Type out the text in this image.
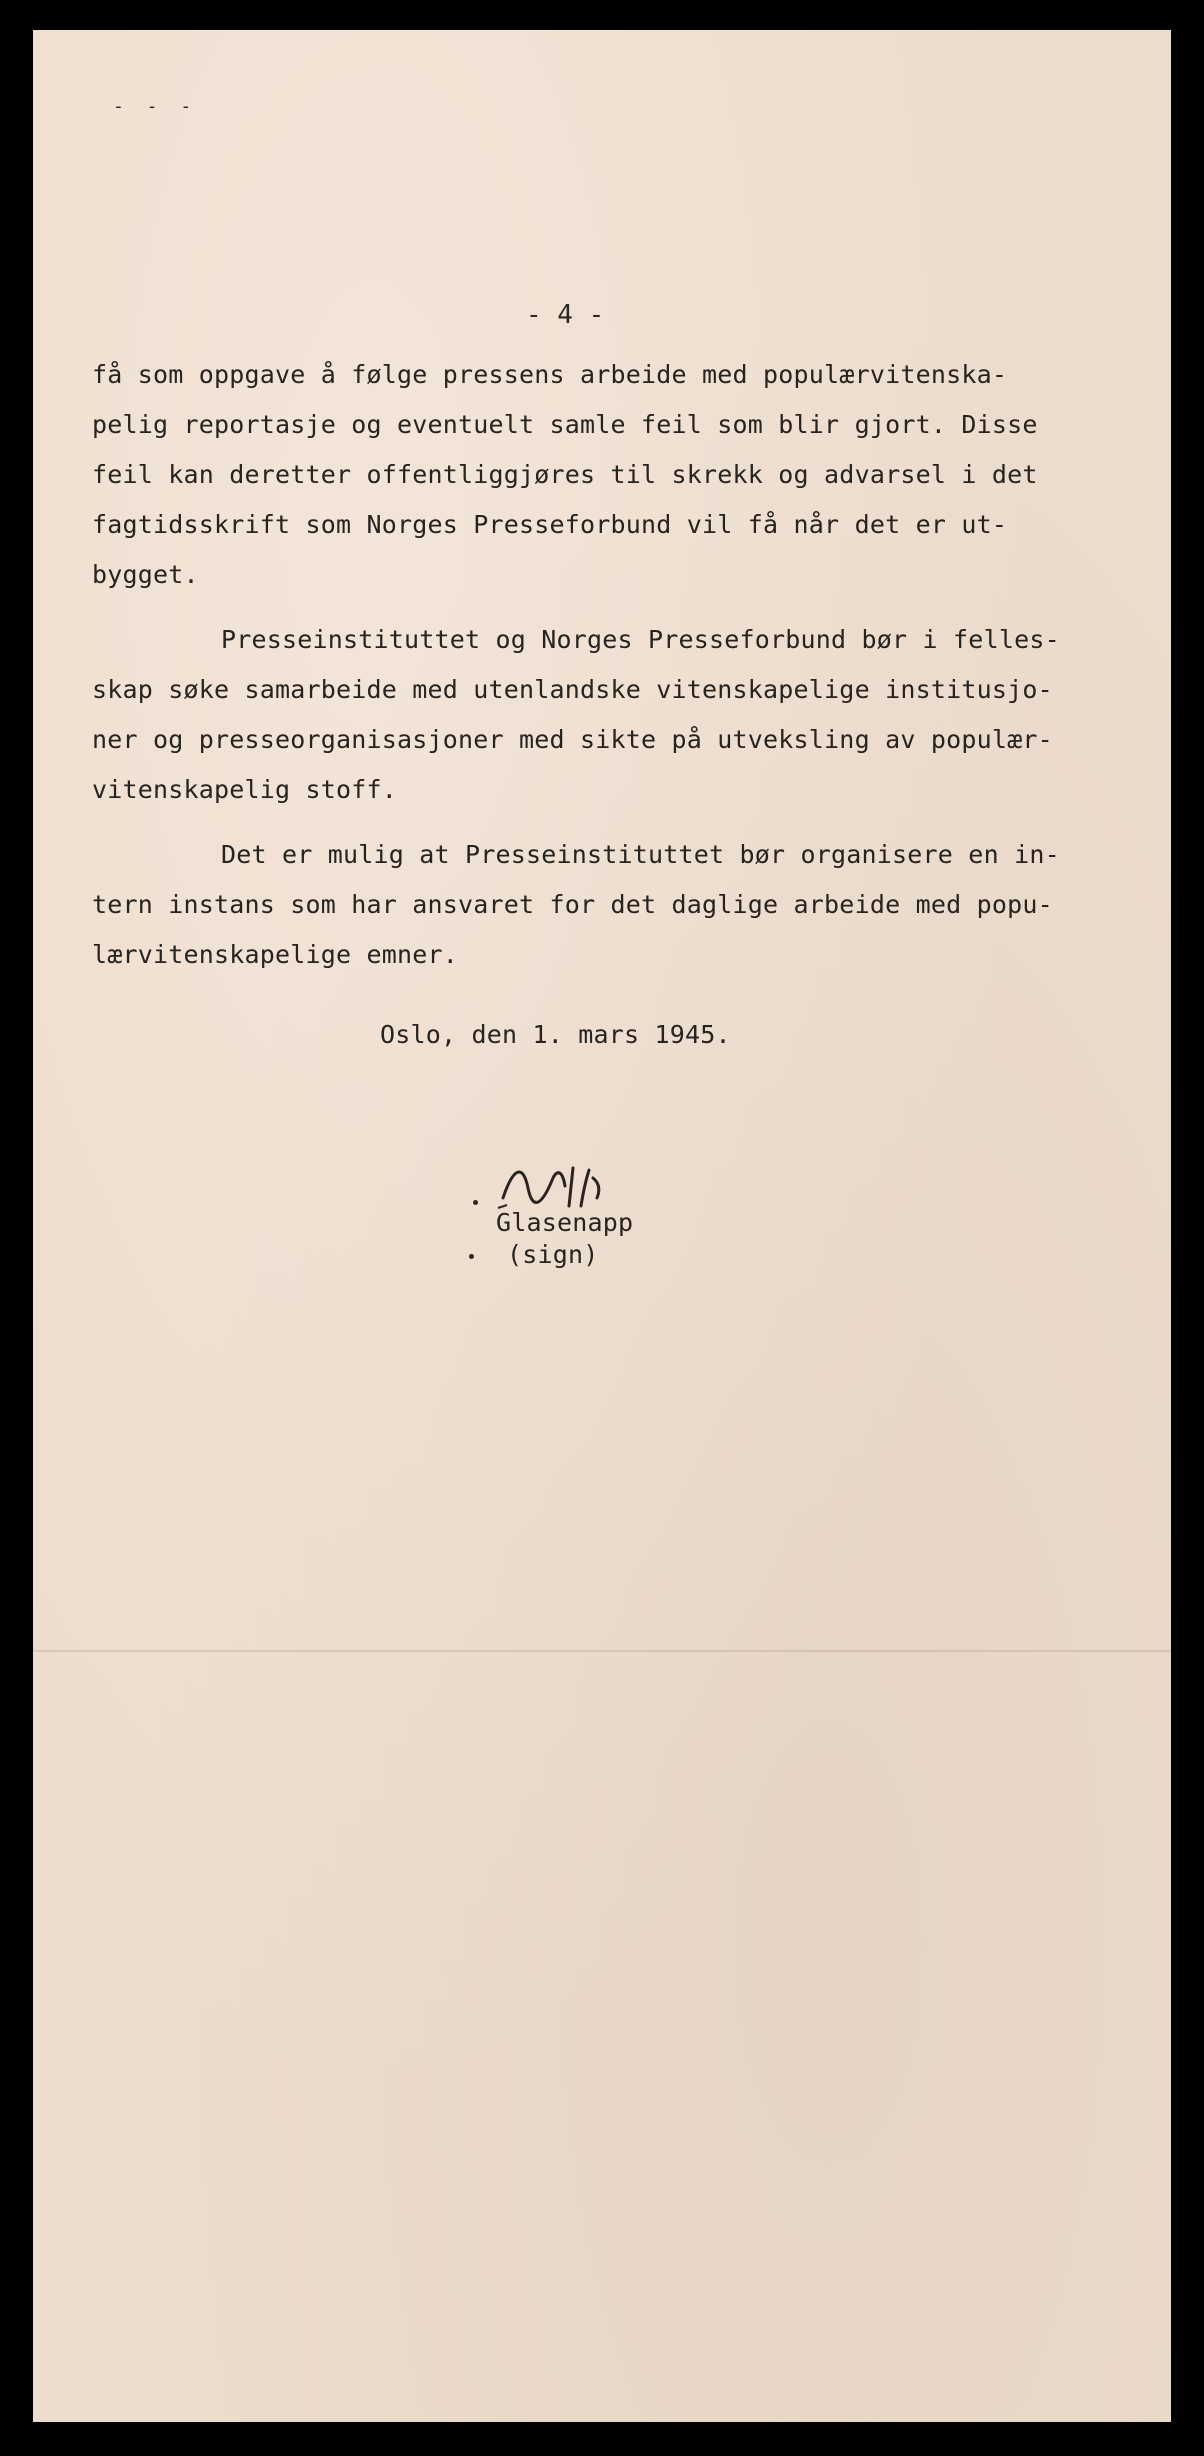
- - -
- 4 -
få som oppgave å følge pressens arbeide med populærvitenska-
pelig reportasje og eventuelt samle feil som blir gjort. Disse
feil kan deretter offentliggjøres til skrekk og advarsel i det
fagtidsskrift som Norges Presseforbund vil få når det er ut-
bygget.
Presseinstituttet og Norges Presseforbund bør i felles-
skap søke samarbeide med utenlandske vitenskapelige institusjo-
ner og presseorganisasjoner med sikte på utveksling av populær-
vitenskapelig stoff.
Det er mulig at Presseinstituttet bør organisere en in-
tern instans som har ansvaret for det daglige arbeide med popu-
lærvitenskapelige emner.
Oslo, den 1. mars 1945.
Glasenapp
(sign)
